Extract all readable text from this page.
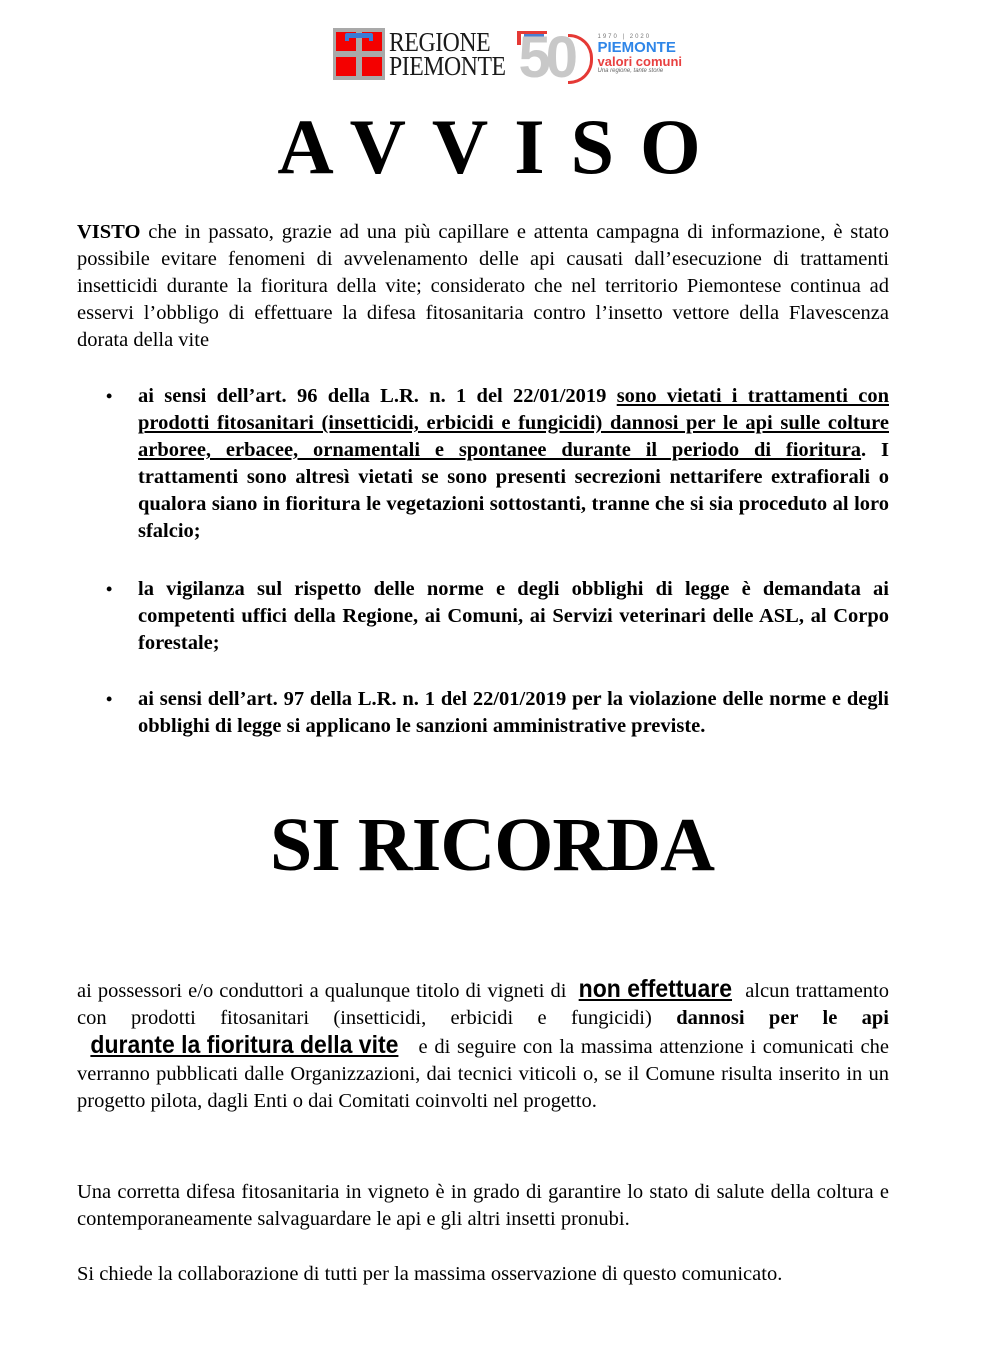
REGIONE
PIEMONTE 50	1970 | 2020
PIEMONTE
valori comuni
Una regione, tante storie
AVVISO
VISTO che in passato, grazie ad una più capillare e attenta campagna di informazione, è stato possibile evitare fenomeni di avvelenamento delle api causati dall’esecuzione di trattamenti insetticidi durante la fioritura della vite; considerato che nel territorio Piemontese continua ad esservi l’obbligo di effettuare la difesa fitosanitaria contro l’insetto vettore della Flavescenza dorata della vite
• ai sensi dell’art. 96 della L.R. n. 1 del 22/01/2019 sono vietati i trattamenti con prodotti fitosanitari (insetticidi, erbicidi e fungicidi) dannosi per le api sulle colture arboree, erbacee, ornamentali e spontanee durante il periodo di fioritura. I trattamenti sono altresì vietati se sono presenti secrezioni nettarifere extrafiorali o qualora siano in fioritura le vegetazioni sottostanti, tranne che si sia proceduto al loro sfalcio;
• la vigilanza sul rispetto delle norme e degli obblighi di legge è demandata ai competenti uffici della Regione, ai Comuni, ai Servizi veterinari delle ASL, al Corpo forestale;
• ai sensi dell’art. 97 della L.R. n. 1 del 22/01/2019 per la violazione delle norme e degli obblighi di legge si applicano le sanzioni amministrative previste.
SI RICORDA
ai possessori e/o conduttori a qualunque titolo di vigneti di non effettuare alcun trattamento con prodotti fitosanitari (insetticidi, erbicidi e fungicidi) dannosi per le api durante la fioritura della vite e di seguire con la massima attenzione i comunicati che verranno pubblicati dalle Organizzazioni, dai tecnici viticoli o, se il Comune risulta inserito in un progetto pilota, dagli Enti o dai Comitati coinvolti nel progetto.
Una corretta difesa fitosanitaria in vigneto è in grado di garantire lo stato di salute della coltura e contemporaneamente salvaguardare le api e gli altri insetti pronubi.
Si chiede la collaborazione di tutti per la massima osservazione di questo comunicato.
